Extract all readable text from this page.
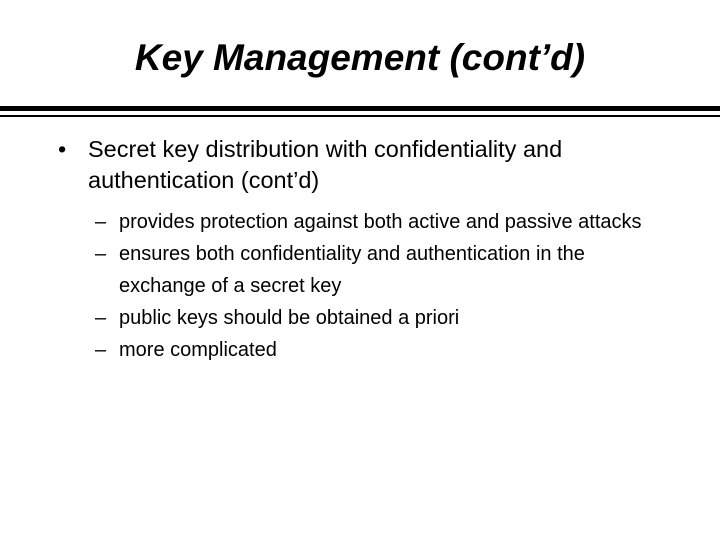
Key Management (cont’d)
• Secret key distribution with confidentiality and authentication (cont’d)
– provides protection against both active and passive attacks
– ensures both confidentiality and authentication in the exchange of a secret key
– public keys should be obtained a priori
– more complicated
